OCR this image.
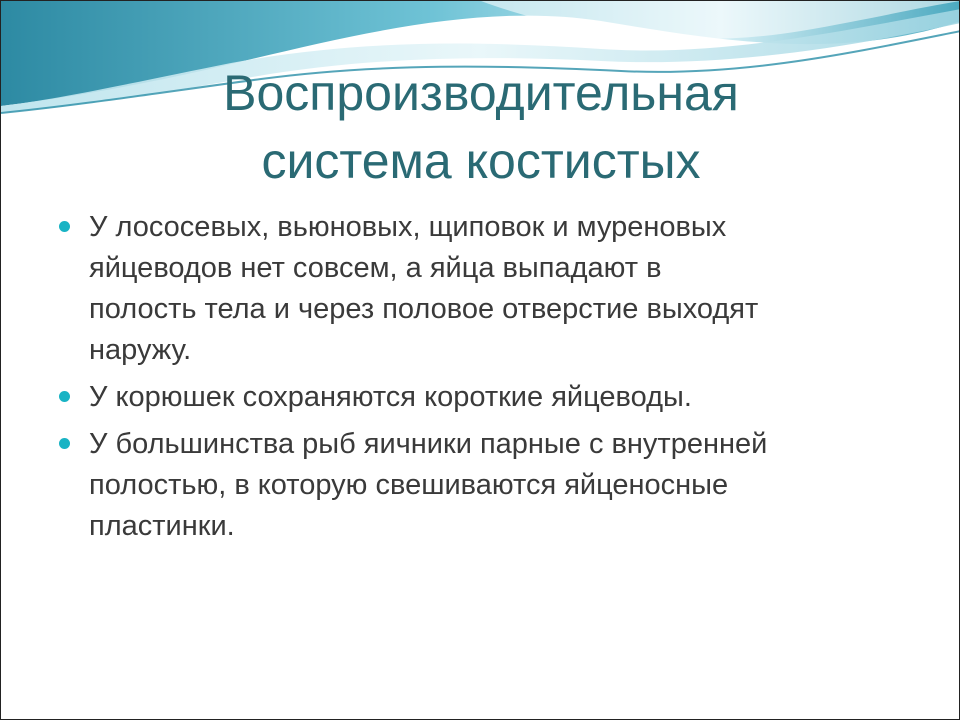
Воспроизводительная
система костистых
У лососевых, вьюновых, щиповок и муреновых
яйцеводов нет совсем, а яйца выпадают в
полость тела и через половое отверстие выходят
наружу.
У корюшек сохраняются короткие яйцеводы.
У большинства рыб яичники парные с внутренней
полостью, в которую свешиваются яйценосные
пластинки.
